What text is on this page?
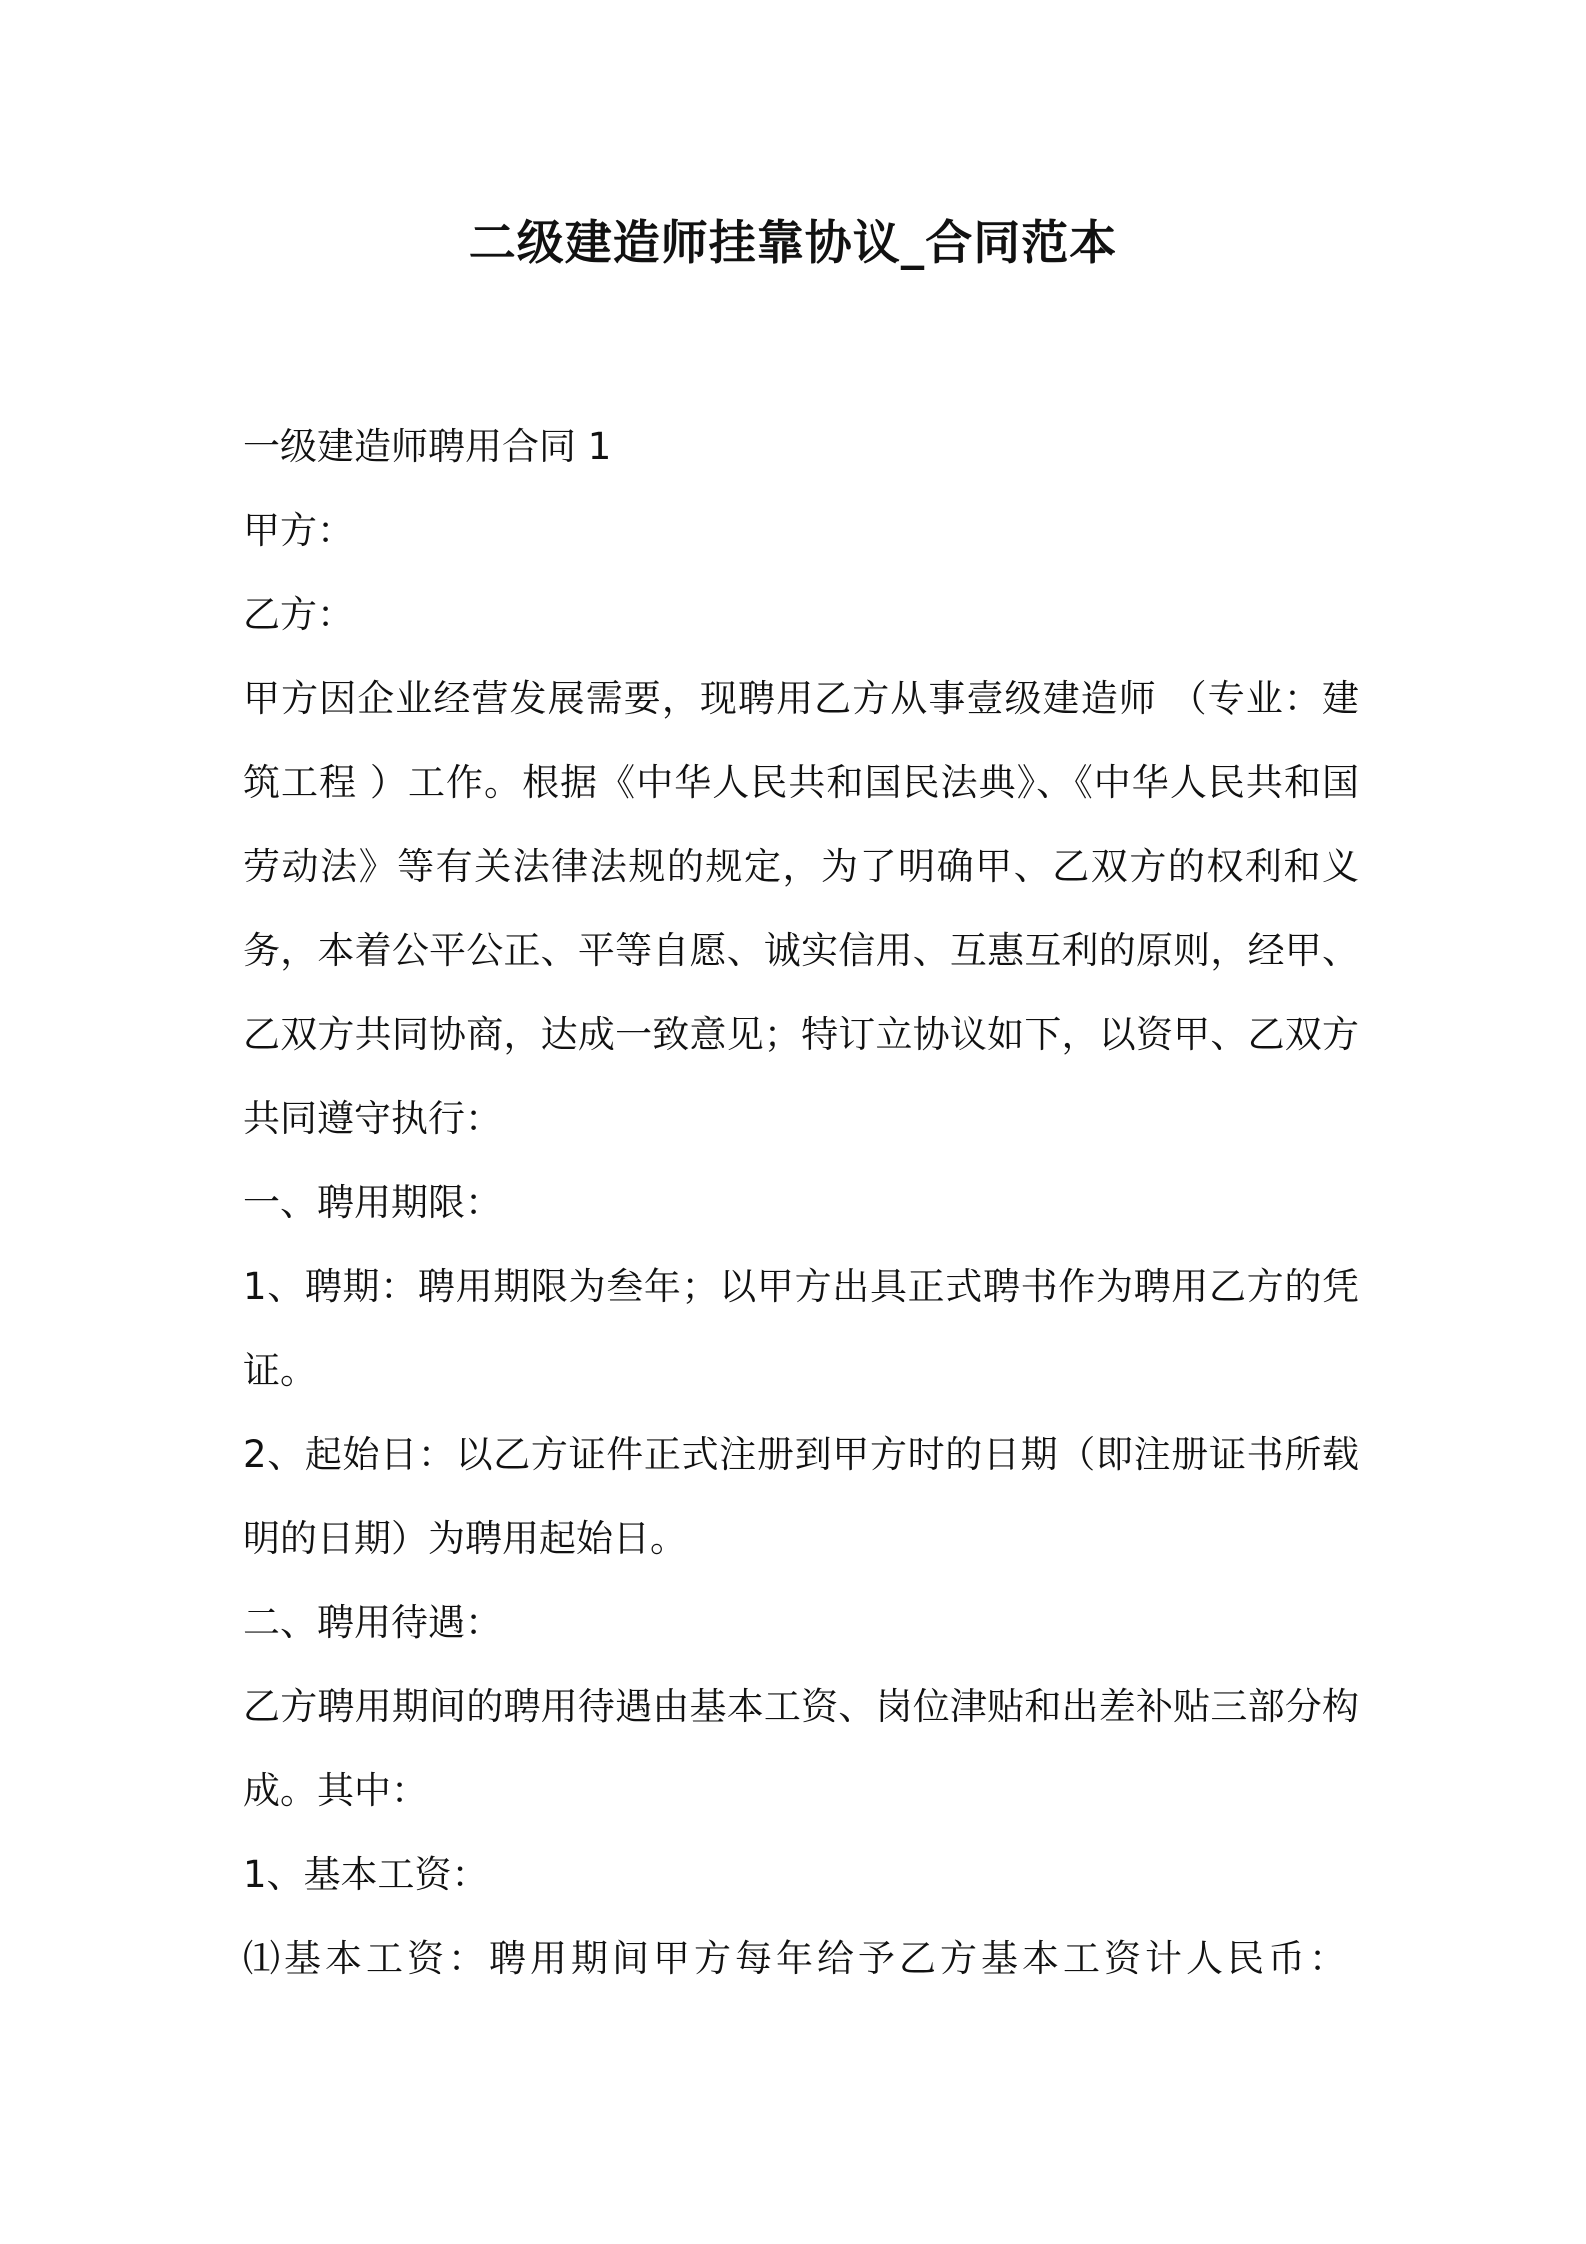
二级建造师挂靠协议_合同范本

一级建造师聘用合同 1

甲方：

乙方：

甲方因企业经营发展需要，现聘用乙方从事壹级建造师 （专业：建筑工程 ）工作。根据《中华人民共和国民法典》、《中华人民共和国劳动法》等有关法律法规的规定，为了明确甲、乙双方的权利和义务，本着公平公正、平等自愿、诚实信用、互惠互利的原则，经甲、乙双方共同协商，达成一致意见；特订立协议如下，以资甲、乙双方共同遵守执行：

一、聘用期限：

1、聘期：聘用期限为叁年；以甲方出具正式聘书作为聘用乙方的凭证。

2、起始日：以乙方证件正式注册到甲方时的日期（即注册证书所载明的日期）为聘用起始日。

二、聘用待遇：

乙方聘用期间的聘用待遇由基本工资、岗位津贴和出差补贴三部分构成。其中：

1、基本工资：

⑴基本工资：聘用期间甲方每年给予乙方基本工资计人民币：
